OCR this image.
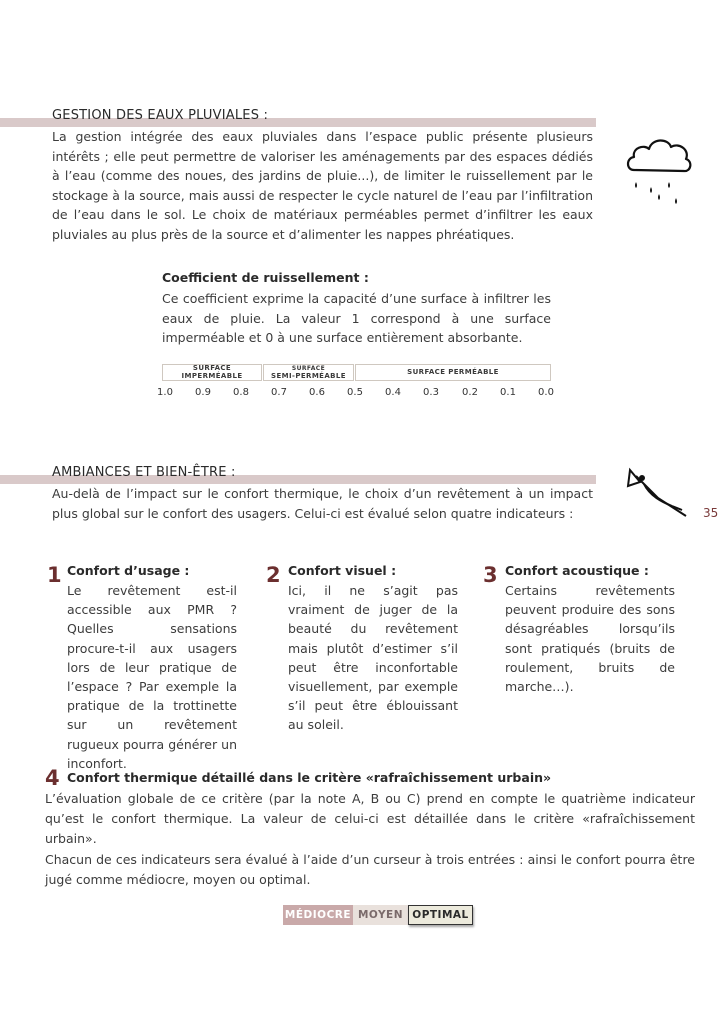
GESTION DES EAUX PLUVIALES :
La gestion intégrée des eaux pluviales dans l’espace public présente plusieurs intérêts ; elle peut permettre de valoriser les aménagements par des espaces dédiés à l’eau (comme des noues, des jardins de pluie...), de limiter le ruissellement par le stockage à la source, mais aussi de respecter le cycle naturel de l’eau par l’infiltration de l’eau dans le sol. Le choix de matériaux perméables permet d’infiltrer les eaux pluviales au plus près de la source et d’alimenter les nappes phréatiques.
Coefficient de ruissellement :
Ce coefficient exprime la capacité d’une surface à infiltrer les eaux de pluie. La valeur 1 correspond à une surface imperméable et 0 à une surface entièrement absorbante.
SURFACE IMPERMÉABLE
SURFACE
SEMI-PERMÉABLE	SURFACE PERMÉABLE
1.0 0.9 0.8 0.7 0.6 0.5 0.4 0.3 0.2 0.1 0.0
AMBIANCES ET BIEN-ÊTRE :
Au-delà de l’impact sur le confort thermique, le choix d’un revêtement à un impact plus global sur le confort des usagers. Celui-ci est évalué selon quatre indicateurs :	35
1 Confort d’usage :
Le revêtement est-il accessible aux PMR ? Quelles sensations procure-t-il aux usagers lors de leur pratique de l’espace ? Par exemple la pratique de la trottinette sur un revêtement rugueux pourra générer un inconfort.
2 Confort visuel :
Ici, il ne s’agit pas vraiment de juger de la beauté du revêtement mais plutôt d’estimer s’il peut être inconfortable visuellement, par exemple s’il peut être éblouissant au soleil.
3 Confort acoustique :
Certains revêtements peuvent produire des sons désagréables lorsqu’ils sont pratiqués (bruits de roulement, bruits de marche…).
4 Confort thermique détaillé dans le critère «rafraîchissement urbain»
L’évaluation globale de ce critère (par la note A, B ou C) prend en compte le quatrième indicateur qu’est le confort thermique. La valeur de celui-ci est détaillée dans le critère «rafraîchissement urbain».
Chacun de ces indicateurs sera évalué à l’aide d’un curseur à trois entrées : ainsi le confort pourra être jugé comme médiocre, moyen ou optimal.
MÉDIOCRE MOYEN OPTIMAL
